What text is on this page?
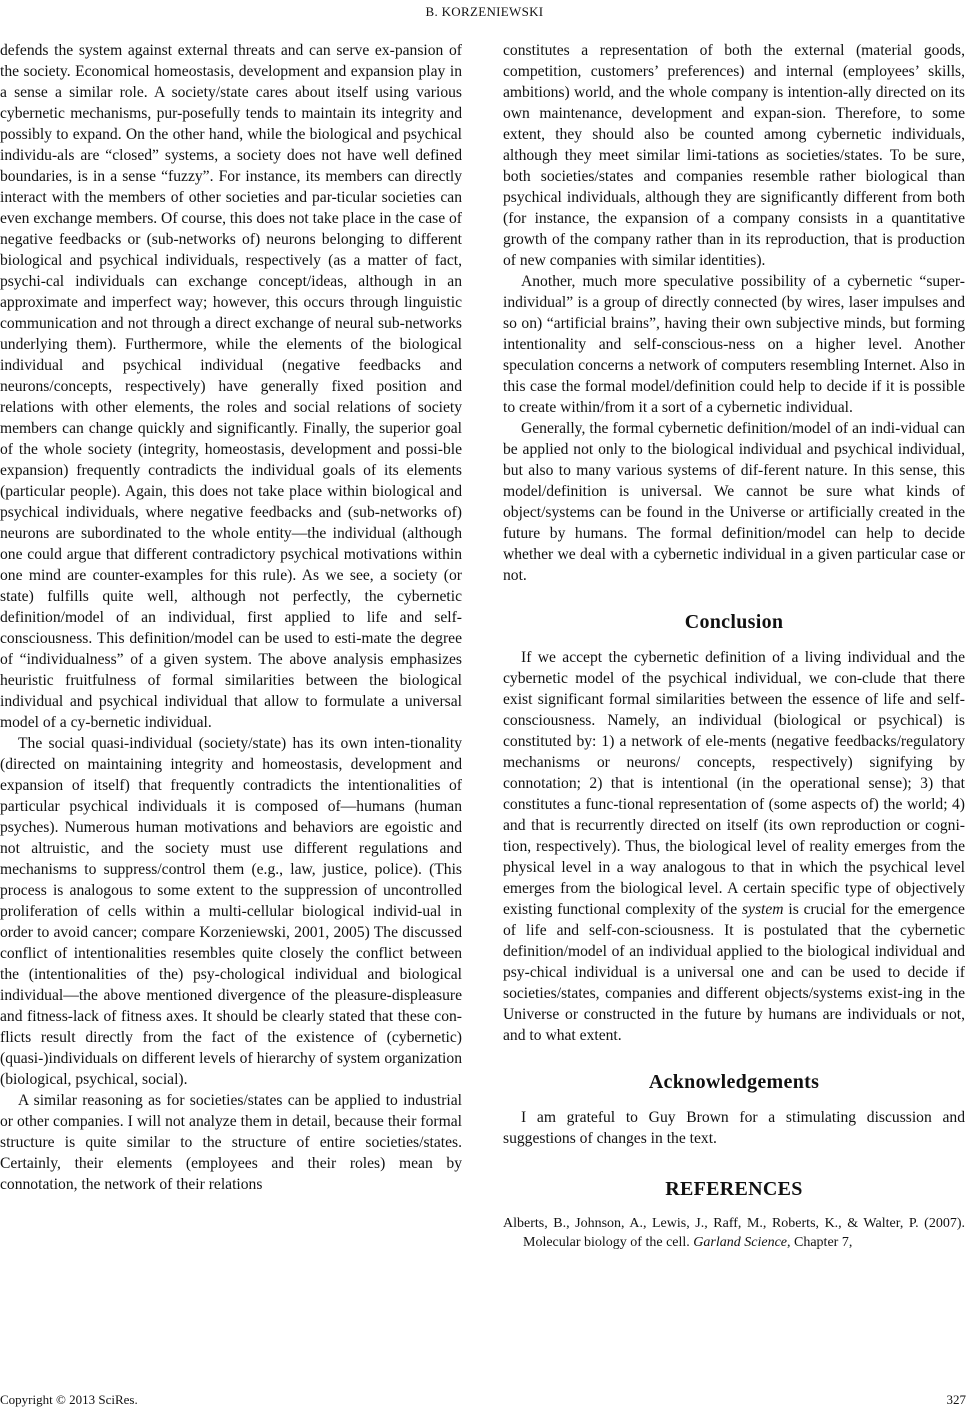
B. KORZENIEWSKI

defends the system against external threats and can serve ex-pansion of the society. Economical homeostasis, development and expansion play in a sense a similar role. A society/state cares about itself using various cybernetic mechanisms, pur-posefully tends to maintain its integrity and possibly to expand. On the other hand, while the biological and psychical individu-als are “closed” systems, a society does not have well defined boundaries, is in a sense “fuzzy”. For instance, its members can directly interact with the members of other societies and par-ticular societies can even exchange members. Of course, this does not take place in the case of negative feedbacks or (sub-networks of) neurons belonging to different biological and psychical individuals, respectively (as a matter of fact, psychi-cal individuals can exchange concept/ideas, although in an approximate and imperfect way; however, this occurs through linguistic communication and not through a direct exchange of neural sub-networks underlying them). Furthermore, while the elements of the biological individual and psychical individual (negative feedbacks and neurons/concepts, respectively) have generally fixed position and relations with other elements, the roles and social relations of society members can change quickly and significantly. Finally, the superior goal of the whole society (integrity, homeostasis, development and possi-ble expansion) frequently contradicts the individual goals of its elements (particular people). Again, this does not take place within biological and psychical individuals, where negative feedbacks and (sub-networks of) neurons are subordinated to the whole entity—the individual (although one could argue that different contradictory psychical motivations within one mind are counter-examples for this rule). As we see, a society (or state) fulfills quite well, although not perfectly, the cybernetic definition/model of an individual, first applied to life and self-consciousness. This definition/model can be used to esti-mate the degree of “individualness” of a given system. The above analysis emphasizes heuristic fruitfulness of formal similarities between the biological individual and psychical individual that allow to formulate a universal model of a cy-bernetic individual.

The social quasi-individual (society/state) has its own inten-tionality (directed on maintaining integrity and homeostasis, development and expansion of itself) that frequently contradicts the intentionalities of particular psychical individuals it is composed of—humans (human psyches). Numerous human motivations and behaviors are egoistic and not altruistic, and the society must use different regulations and mechanisms to suppress/control them (e.g., law, justice, police). (This process is analogous to some extent to the suppression of uncontrolled proliferation of cells within a multi-cellular biological individ-ual in order to avoid cancer; compare Korzeniewski, 2001, 2005) The discussed conflict of intentionalities resembles quite closely the conflict between the (intentionalities of the) psy-chological individual and biological individual—the above mentioned divergence of the pleasure-displeasure and fitness-lack of fitness axes. It should be clearly stated that these con-flicts result directly from the fact of the existence of (cybernetic) (quasi-)individuals on different levels of hierarchy of system organization (biological, psychical, social).

A similar reasoning as for societies/states can be applied to industrial or other companies. I will not analyze them in detail, because their formal structure is quite similar to the structure of entire societies/states. Certainly, their elements (employees and their roles) mean by connotation, the network of their relations

constitutes a representation of both the external (material goods, competition, customers’ preferences) and internal (employees’ skills, ambitions) world, and the whole company is intention-ally directed on its own maintenance, development and expan-sion. Therefore, to some extent, they should also be counted among cybernetic individuals, although they meet similar limi-tations as societies/states. To be sure, both societies/states and companies resemble rather biological than psychical individuals, although they are significantly different from both (for instance, the expansion of a company consists in a quantitative growth of the company rather than in its reproduction, that is production of new companies with similar identities).

Another, much more speculative possibility of a cybernetic “super-individual” is a group of directly connected (by wires, laser impulses and so on) “artificial brains”, having their own subjective minds, but forming intentionality and self-conscious-ness on a higher level. Another speculation concerns a network of computers resembling Internet. Also in this case the formal model/definition could help to decide if it is possible to create within/from it a sort of a cybernetic individual.

Generally, the formal cybernetic definition/model of an indi-vidual can be applied not only to the biological individual and psychical individual, but also to many various systems of dif-ferent nature. In this sense, this model/definition is universal. We cannot be sure what kinds of object/systems can be found in the Universe or artificially created in the future by humans. The formal definition/model can help to decide whether we deal with a cybernetic individual in a given particular case or not.

Conclusion

If we accept the cybernetic definition of a living individual and the cybernetic model of the psychical individual, we con-clude that there exist significant formal similarities between the essence of life and self-consciousness. Namely, an individual (biological or psychical) is constituted by: 1) a network of ele-ments (negative feedbacks/regulatory mechanisms or neurons/ concepts, respectively) signifying by connotation; 2) that is intentional (in the operational sense); 3) that constitutes a func-tional representation of (some aspects of) the world; 4) and that is recurrently directed on itself (its own reproduction or cogni-tion, respectively). Thus, the biological level of reality emerges from the physical level in a way analogous to that in which the psychical level emerges from the biological level. A certain specific type of objectively existing functional complexity of the system is crucial for the emergence of life and self-con-sciousness. It is postulated that the cybernetic definition/model of an individual applied to the biological individual and psy-chical individual is a universal one and can be used to decide if societies/states, companies and different objects/systems exist-ing in the Universe or constructed in the future by humans are individuals or not, and to what extent.

Acknowledgements

I am grateful to Guy Brown for a stimulating discussion and suggestions of changes in the text.

REFERENCES

Alberts, B., Johnson, A., Lewis, J., Raff, M., Roberts, K., & Walter, P. (2007). Molecular biology of the cell. Garland Science, Chapter 7,

Copyright © 2013 SciRes.	327
